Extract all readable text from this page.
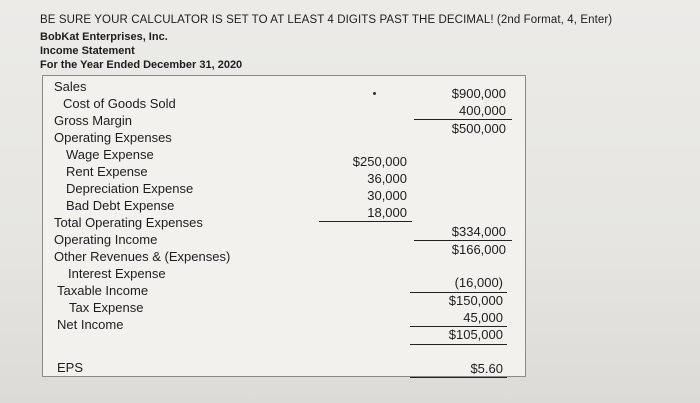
BE SURE YOUR CALCULATOR IS SET TO AT LEAST 4 DIGITS PAST THE DECIMAL! (2nd Format, 4, Enter)
BobKat Enterprises, Inc.
Income Statement
For the Year Ended December 31, 2020
Sales
Cost of Goods Sold
Gross Margin
Operating Expenses
Wage Expense
Rent Expense
Depreciation Expense
Bad Debt Expense
Total Operating Expenses
Operating Income
Other Revenues & (Expenses)
Interest Expense
Taxable Income
Tax Expense
Net Income
EPS
$250,000
36,000
30,000
18,000
$900,000
400,000
$500,000
$334,000
$166,000
(16,000)
$150,000
45,000
$105,000
$5.60
